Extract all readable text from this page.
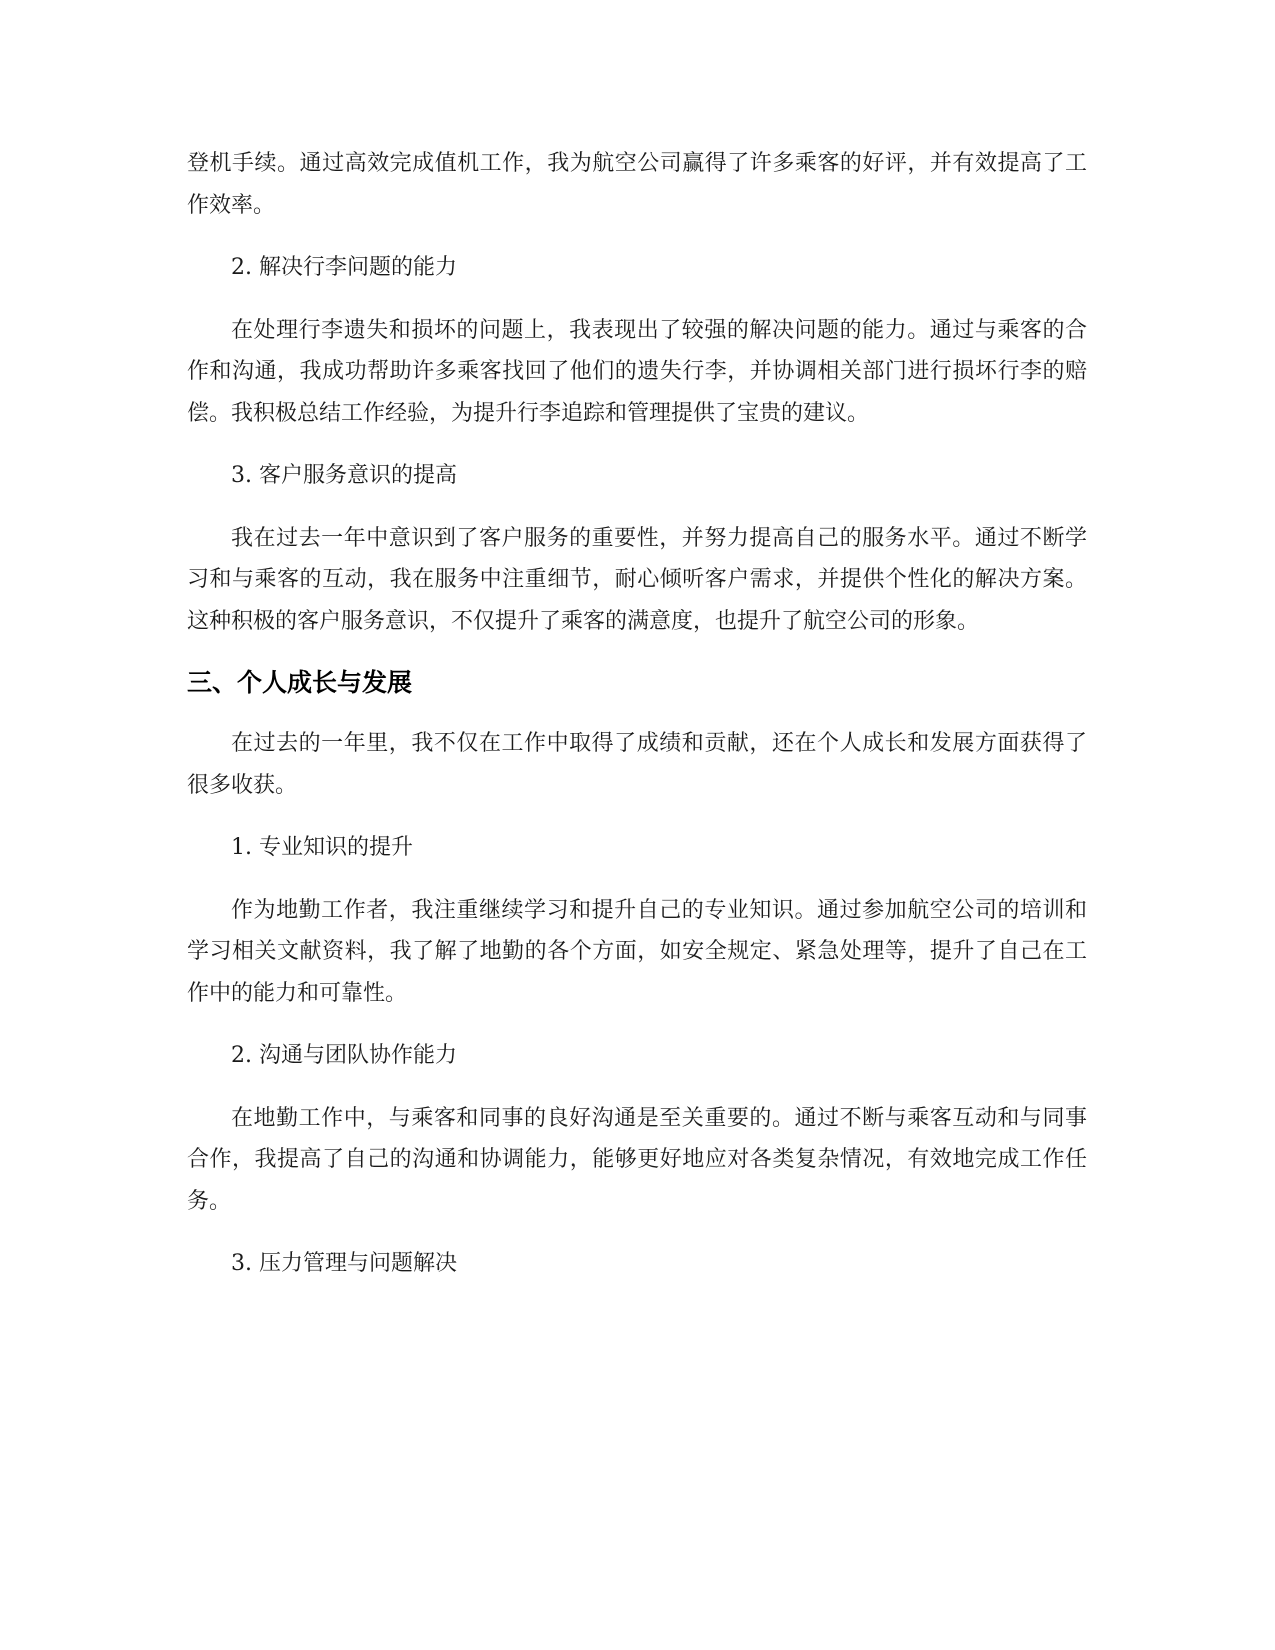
登机手续。通过高效完成值机工作，我为航空公司赢得了许多乘客的好评，并有效提高了工作效率。

2. 解决行李问题的能力

在处理行李遗失和损坏的问题上，我表现出了较强的解决问题的能力。通过与乘客的合作和沟通，我成功帮助许多乘客找回了他们的遗失行李，并协调相关部门进行损坏行李的赔偿。我积极总结工作经验，为提升行李追踪和管理提供了宝贵的建议。

3. 客户服务意识的提高

我在过去一年中意识到了客户服务的重要性，并努力提高自己的服务水平。通过不断学习和与乘客的互动，我在服务中注重细节，耐心倾听客户需求，并提供个性化的解决方案。这种积极的客户服务意识，不仅提升了乘客的满意度，也提升了航空公司的形象。

三、个人成长与发展

在过去的一年里，我不仅在工作中取得了成绩和贡献，还在个人成长和发展方面获得了很多收获。

1. 专业知识的提升

作为地勤工作者，我注重继续学习和提升自己的专业知识。通过参加航空公司的培训和学习相关文献资料，我了解了地勤的各个方面，如安全规定、紧急处理等，提升了自己在工作中的能力和可靠性。

2. 沟通与团队协作能力

在地勤工作中，与乘客和同事的良好沟通是至关重要的。通过不断与乘客互动和与同事合作，我提高了自己的沟通和协调能力，能够更好地应对各类复杂情况，有效地完成工作任务。

3. 压力管理与问题解决
